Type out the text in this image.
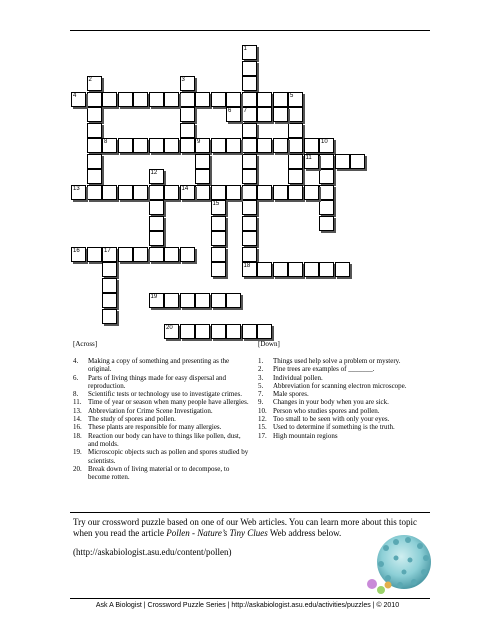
1
7
2	3
4	5
6
8	9	10
11
12
13	14
15
16	17
18
19
20
[Across]	[Down]
4.	Making a copy of something and presenting as the original.
6.	Parts of living things made for easy dispersal and reproduction.
8.	Scientific tests or technology use to investigate crimes.
11. Time of year or season when many people have allergies.
13. Abbreviation for Crime Scene Investigation.
14. The study of spores and pollen.
16. These plants are responsible for many allergies.
18. Reaction our body can have to things like pollen, dust, and molds.
19. Microscopic objects such as pollen and spores studied by scientists.
20. Break down of living material or to decompose, to become rotten.
1.	Things used help solve a problem or mystery.
2.	Pine trees are examples of _______.
3.	Individual pollen.
5.	Abbreviation for scanning electron microscope.
7.	Male spores.
9.	Changes in your body when you are sick.
10. Person who studies spores and pollen.
12. Too small to be seen with only your eyes.
15. Used to determine if something is the truth.
17. High mountain regions
Try our crossword puzzle based on one of our Web articles. You can learn more about this topic when you read the article Pollen - Nature’s Tiny Clues Web address below.
(http://askabiologist.asu.edu/content/pollen)
Ask A Biologist | Crossword Puzzle Series | http://askabiologist.asu.edu/activities/puzzles | © 2010
